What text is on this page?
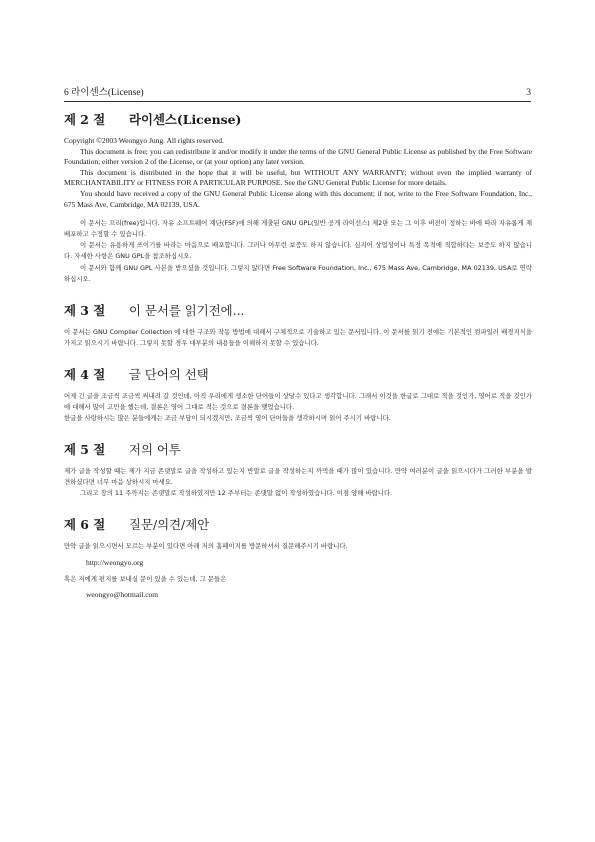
6 라이센스(License)	3
제 2 절	라이센스(License)

Copyright ©2003 Weongyo Jung. All rights reserved.

This document is free; you can redistribute it and/or modify it under the terms of the GNU General Public License as published by the Free Software Foundation; either version 2 of the License, or (at your option) any later version.

This document is distributed in the hope that it will be useful, but WITHOUT ANY WARRANTY; without even the implied warranty of MERCHANTABILITY or FITNESS FOR A PARTICULAR PURPOSE. See the GNU General Public License for more details.

You should have received a copy of the GNU General Public License along with this document; if not, write to the Free Software Foundation, Inc., 675 Mass Ave, Cambridge, MA 02139, USA.

이 문서는 프리(free)입니다. 자유 소프트웨어 재단(FSF)에 의해 게출된 GNU GPL(일반 공개 라이선스) 제2판 또는 그 이후 버전이 정하는 바에 따라 자유롭게 재배포하고 수정할 수 있습니다.

이 문서는 유용하게 쓰이기를 바라는 마음으로 배포합니다. 그러나 아무런 보증도 하지 않습니다. 심지어 상업성이나 특정 목적에 적합하다는 보증도 하지 않습니다. 자세한 사항은 GNU GPL을 참조하십시오.

이 문서와 함께 GNU GPL 사본을 받으셨을 것입니다. 그렇지 않다면 Free Software Foundation, Inc., 675 Mass Ave, Cambridge, MA 02139, USA로 연락하십시오.

제 3 절	이 문서를 읽기전에...

이 문서는 GNU Compiler Collection 에 대한 구조와 작동 방법에 대해서 구체적으로 기술하고 있는 문서입니다. 이 문서를 읽기 전에는 기본적인 컴파일러 배경지식을 가지고 읽으시기 바랍니다. 그렇지 못할 경우 대부분의 내용들을 이해하지 못할 수 있습니다.

제 4 절	글 단어의 선택

어제 긴 글을 조금씩 조금씩 써내려 갈 것인데, 아직 우리에게 생소한 단어들이 상당수 있다고 생각합니다. 그래서 이것을 한글로 그대로 적을 것인가, 영어로 적을 것인가에 대해서 많이 고민을 했는데, 결론은 영어 그대로 적는 것으로 결론을 맺었습니다.

한글을 사랑하시는 많은 분들에게는 조금 부담이 되시겠지만, 조금씩 영어 단어들을 생각하시며 읽어 주시기 바랍니다.

제 5 절	저의 어투

제가 글을 작성할 때는 제가 지금 존댓말로 글을 작성하고 있는지 반말로 글을 작성하는지 까먹을 때가 많이 있습니다. 만약 여러분이 글을 읽으시다가 그러한 부분을 발견하셨다면 너무 마음 상하시지 마세요.

그리고 장의 11 주까지는 존댓말로 작성하였지만 12 주부터는 존댓말 없이 작성하였습니다. 이점 양해 바랍니다.

제 6 절	질문/의견/제안

만약 글을 읽으시면서 모르는 부분이 있다면 아래 저의 홈페이지를 방문하셔서 질문해주시기 바랍니다.

http://weongyo.org

혹은 저에게 편지를 보내실 문이 있을 수 있는데, 그 문들은

weongyo@hotmail.com
